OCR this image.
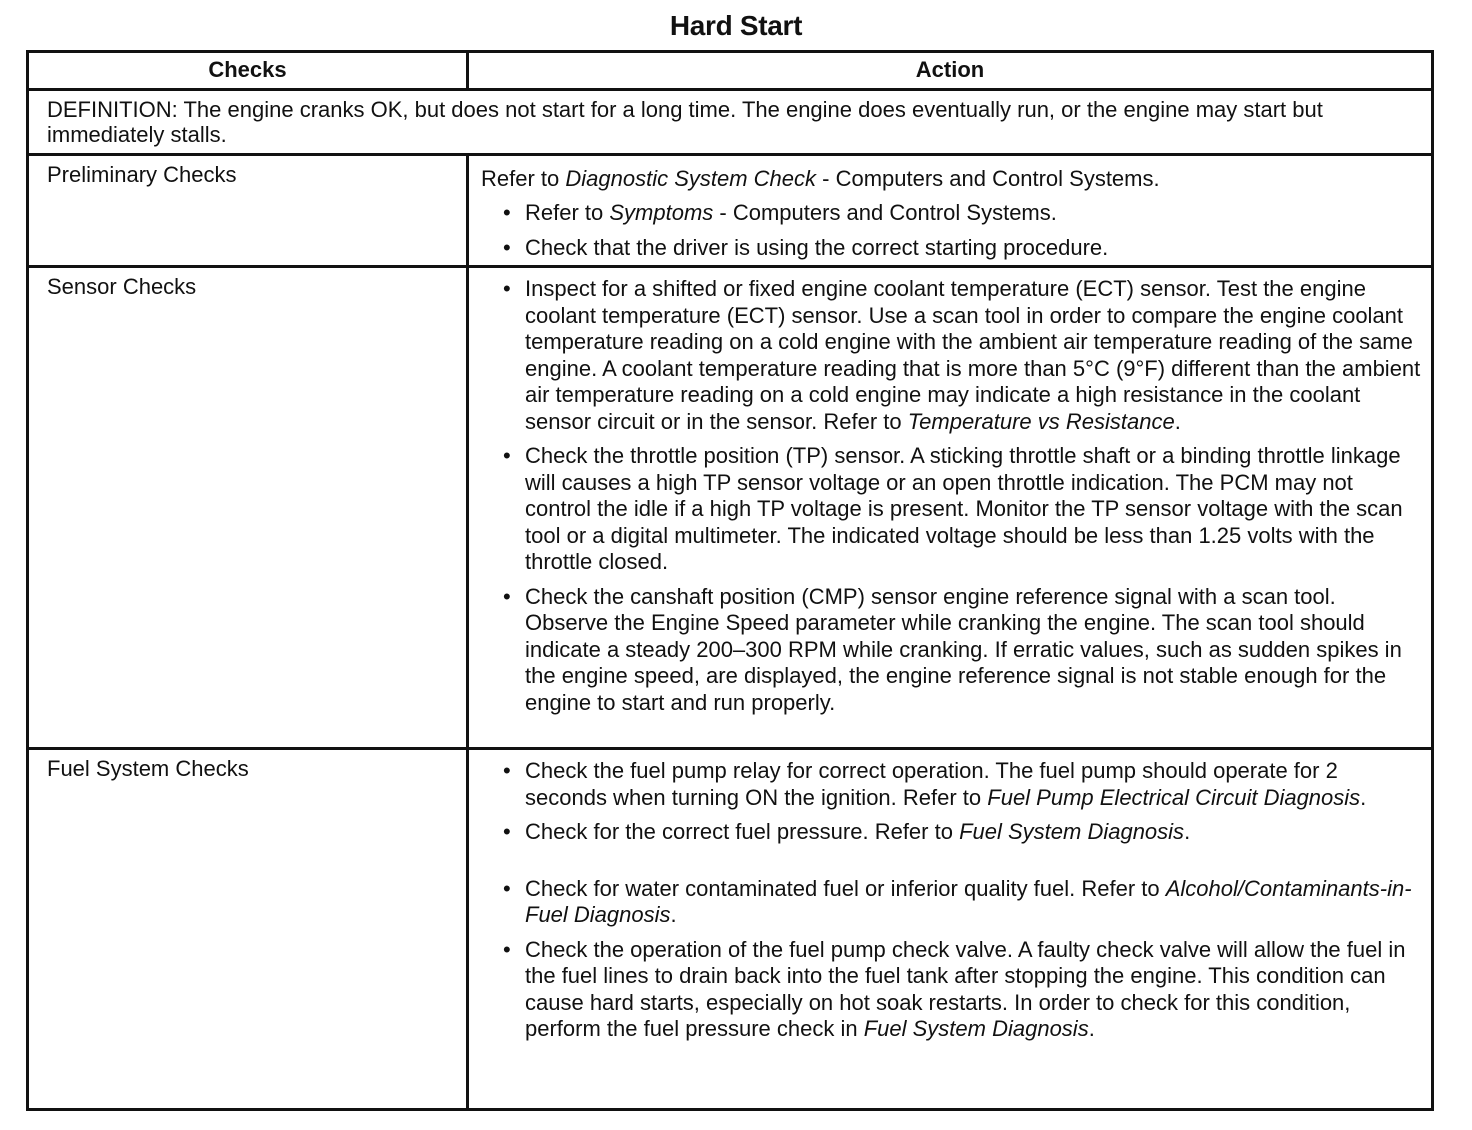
Hard Start
Checks	Action
DEFINITION: The engine cranks OK, but does not start for a long time. The engine does eventually run, or the engine may start but immediately stalls.
Preliminary Checks	Refer to Diagnostic System Check - Computers and Control Systems.
• Refer to Symptoms - Computers and Control Systems.
• Check that the driver is using the correct starting procedure.
Sensor Checks	• Inspect for a shifted or fixed engine coolant temperature (ECT) sensor. Test the engine coolant temperature (ECT) sensor. Use a scan tool in order to compare the engine coolant temperature reading on a cold engine with the ambient air temperature reading of the same engine. A coolant temperature reading that is more than 5°C (9°F) different than the ambient air temperature reading on a cold engine may indicate a high resistance in the coolant sensor circuit or in the sensor. Refer to Temperature vs Resistance.
• Check the throttle position (TP) sensor. A sticking throttle shaft or a binding throttle linkage will causes a high TP sensor voltage or an open throttle indication. The PCM may not control the idle if a high TP voltage is present. Monitor the TP sensor voltage with the scan tool or a digital multimeter. The indicated voltage should be less than 1.25 volts with the throttle closed.
• Check the canshaft position (CMP) sensor engine reference signal with a scan tool. Observe the Engine Speed parameter while cranking the engine. The scan tool should indicate a steady 200–300 RPM while cranking. If erratic values, such as sudden spikes in the engine speed, are displayed, the engine reference signal is not stable enough for the engine to start and run properly.
Fuel System Checks	• Check the fuel pump relay for correct operation. The fuel pump should operate for 2 seconds when turning ON the ignition. Refer to Fuel Pump Electrical Circuit Diagnosis.
• Check for the correct fuel pressure. Refer to Fuel System Diagnosis.
• Check for water contaminated fuel or inferior quality fuel. Refer to Alcohol/Contaminants-in-Fuel Diagnosis.
• Check the operation of the fuel pump check valve. A faulty check valve will allow the fuel in the fuel lines to drain back into the fuel tank after stopping the engine. This condition can cause hard starts, especially on hot soak restarts. In order to check for this condition, perform the fuel pressure check in Fuel System Diagnosis.
